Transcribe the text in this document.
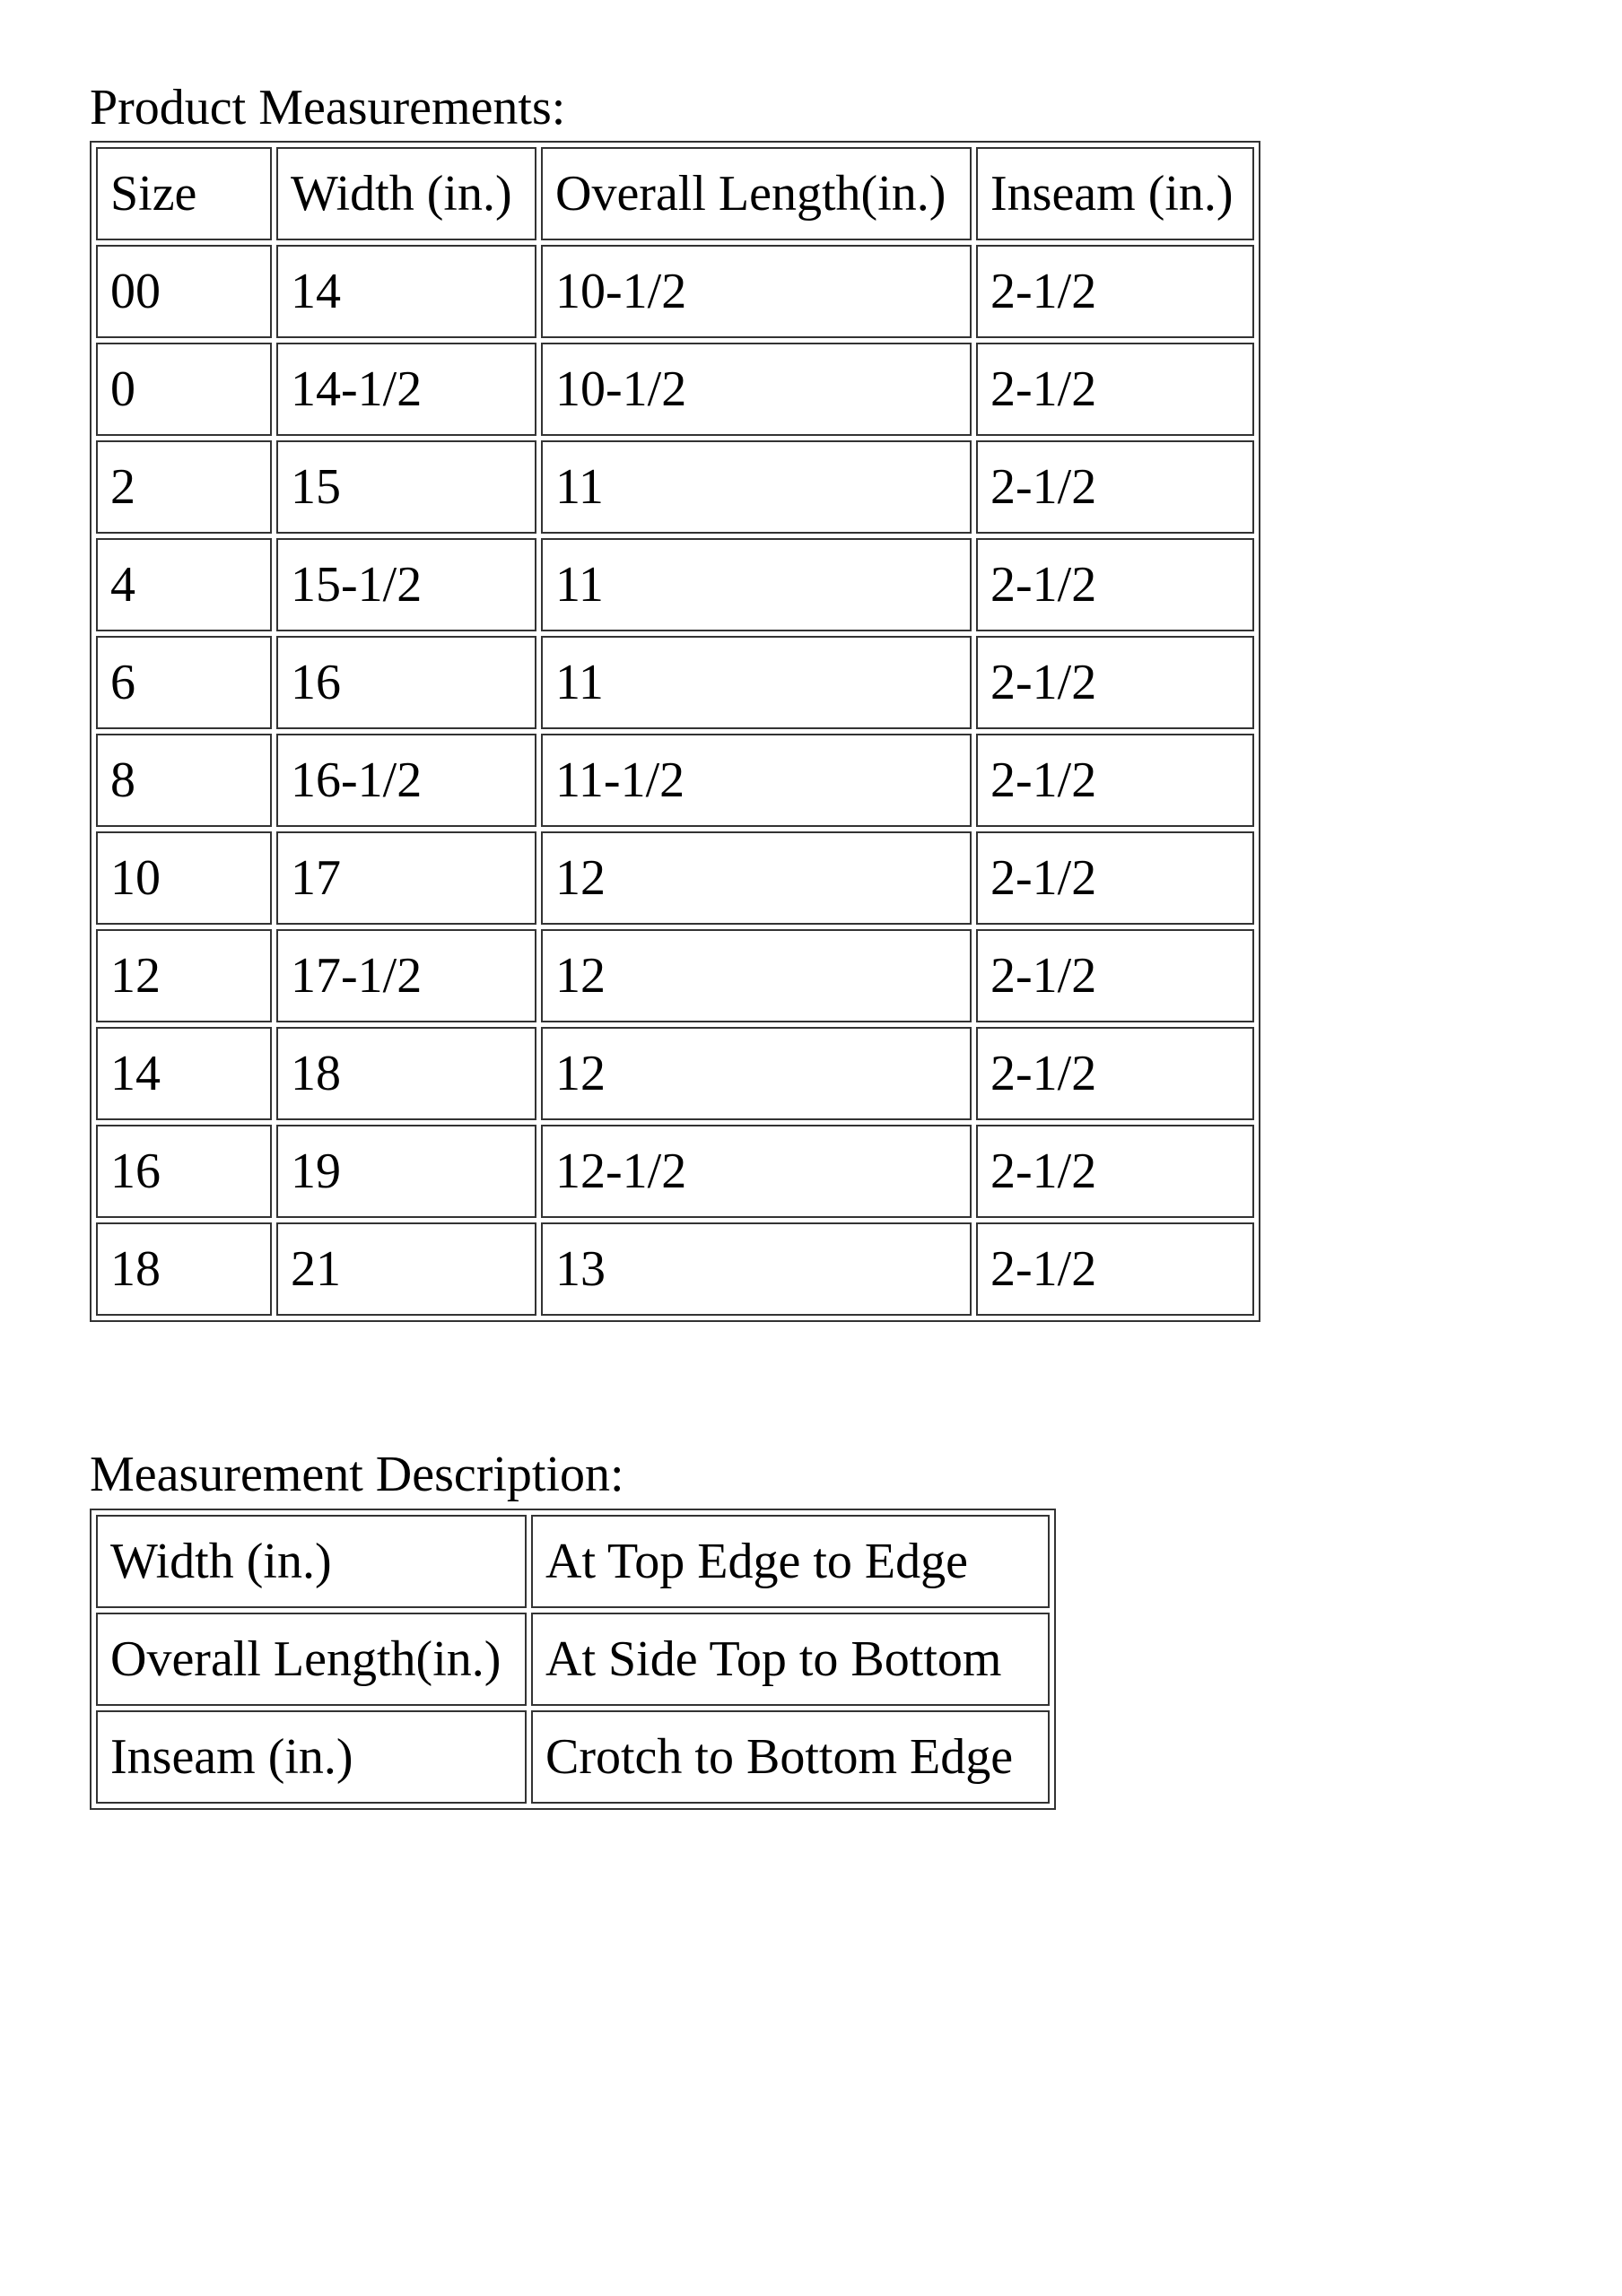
Product Measurements:
Size	Width (in.)	Overall Length(in.)	Inseam (in.)
00	14	10-1/2	2-1/2
0	14-1/2	10-1/2	2-1/2
2	15	11	2-1/2
4	15-1/2	11	2-1/2
6	16	11	2-1/2
8	16-1/2	11-1/2	2-1/2
10	17	12	2-1/2
12	17-1/2	12	2-1/2
14	18	12	2-1/2
16	19	12-1/2	2-1/2
18	21	13	2-1/2
Measurement Description:
Width (in.)	At Top Edge to Edge
Overall Length(in.)	At Side Top to Bottom
Inseam (in.)	Crotch to Bottom Edge
